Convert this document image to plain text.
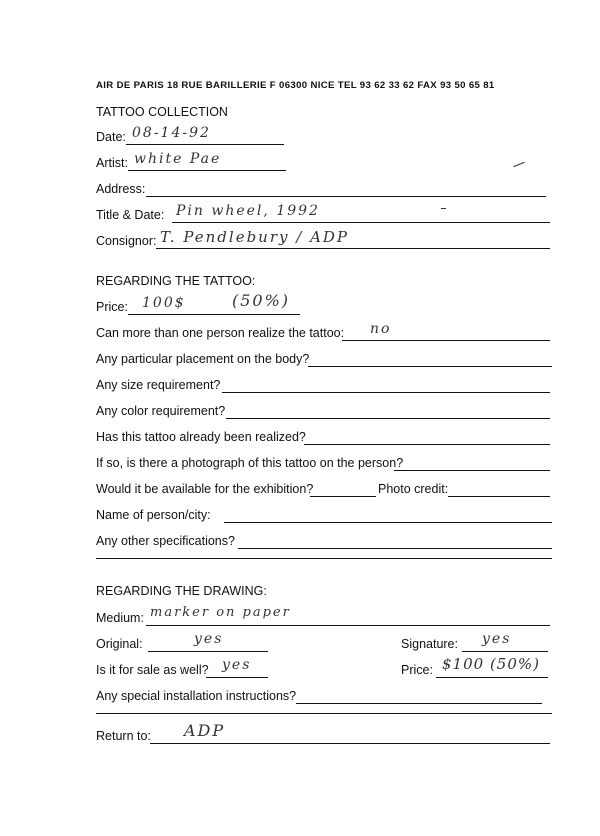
AIR DE PARIS 18 RUE BARILLERIE F 06300 NICE TEL 93 62 33 62 FAX 93 50 65 81
TATTOO COLLECTION
Date: 08-14-92
Artist: white Pae
Address:
Title & Date: Pin wheel, 1992
Consignor: T. Pendlebury / ADP
REGARDING THE TATTOO:
Price: 100$	(50%)
Can more than one person realize the tattoo: no
Any particular placement on the body?
Any size requirement?
Any color requirement?
Has this tattoo already been realized?
If so, is there a photograph of this tattoo on the person?
Would it be available for the exhibition?	Photo credit:
Name of person/city:
Any other specifications?
REGARDING THE DRAWING:
Medium: marker on paper
Original:	yes	Signature: yes
Is it for sale as well? yes	Price: $100 (50%)
Any special installation instructions?
Return to: ADP
